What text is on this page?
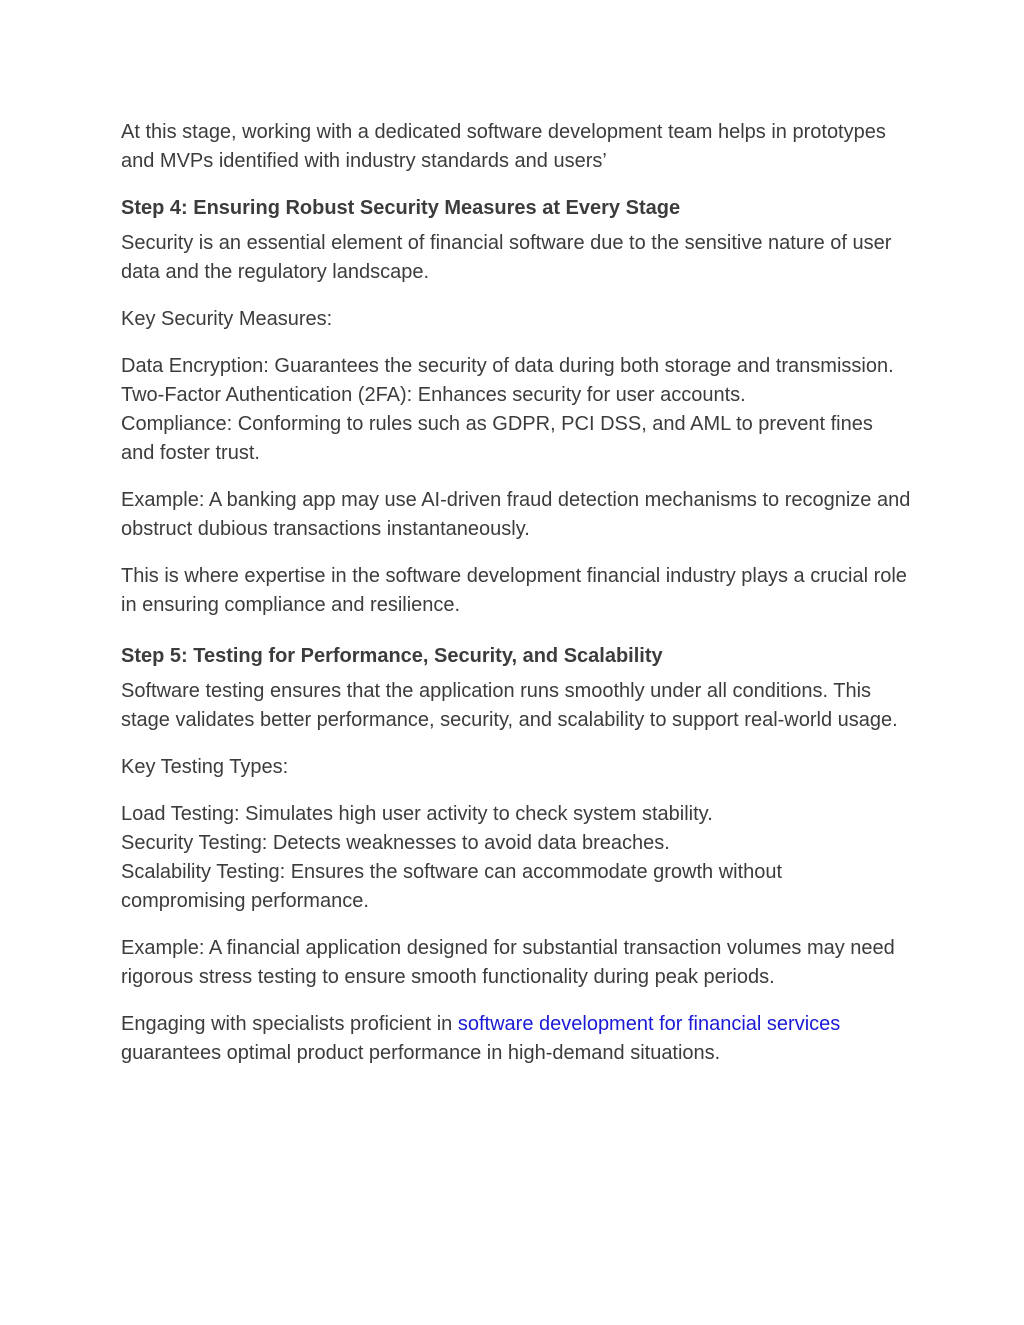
At this stage, working with a dedicated software development team helps in prototypes and MVPs identified with industry standards and users’

Step 4: Ensuring Robust Security Measures at Every Stage

Security is an essential element of financial software due to the sensitive nature of user data and the regulatory landscape.

Key Security Measures:

Data Encryption: Guarantees the security of data during both storage and transmission.
Two-Factor Authentication (2FA): Enhances security for user accounts.
Compliance: Conforming to rules such as GDPR, PCI DSS, and AML to prevent fines and foster trust.

Example: A banking app may use AI-driven fraud detection mechanisms to recognize and obstruct dubious transactions instantaneously.

This is where expertise in the software development financial industry plays a crucial role in ensuring compliance and resilience.

Step 5: Testing for Performance, Security, and Scalability

Software testing ensures that the application runs smoothly under all conditions. This stage validates better performance, security, and scalability to support real-world usage.

Key Testing Types:

Load Testing: Simulates high user activity to check system stability.
Security Testing: Detects weaknesses to avoid data breaches.
Scalability Testing: Ensures the software can accommodate growth without compromising performance.

Example: A financial application designed for substantial transaction volumes may need rigorous stress testing to ensure smooth functionality during peak periods.

Engaging with specialists proficient in software development for financial services
guarantees optimal product performance in high-demand situations.
